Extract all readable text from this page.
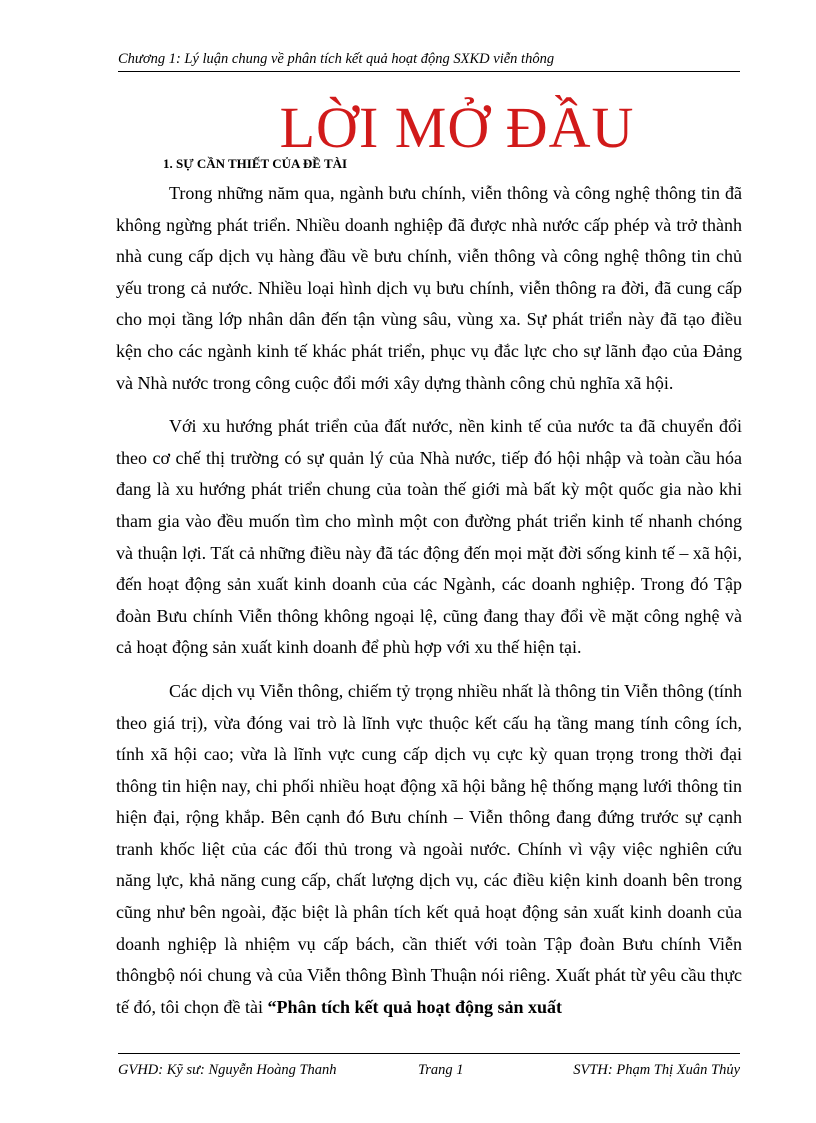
Chương 1: Lý luận chung về phân tích kết quả hoạt động SXKD viễn thông
LỜI MỞ ĐẦU
1. SỰ CẦN THIẾT CỦA ĐỀ TÀI

Trong những năm qua, ngành bưu chính, viễn thông và công nghệ thông tin đã không ngừng phát triển. Nhiều doanh nghiệp đã được nhà nước cấp phép và trở thành nhà cung cấp dịch vụ hàng đầu về bưu chính, viễn thông và công nghệ thông tin chủ yếu trong cả nước. Nhiều loại hình dịch vụ bưu chính, viễn thông ra đời, đã cung cấp cho mọi tầng lớp nhân dân đến tận vùng sâu, vùng xa. Sự phát triển này đã tạo điều kện cho các ngành kinh tế khác phát triển, phục vụ đắc lực cho sự lãnh đạo của Đảng và Nhà nước trong công cuộc đổi mới xây dựng thành công chủ nghĩa xã hội.

Với xu hướng phát triển của đất nước, nền kinh tế của nước ta đã chuyển đổi theo cơ chế thị trường có sự quản lý của Nhà nước, tiếp đó hội nhập và toàn cầu hóa đang là xu hướng phát triển chung của toàn thế giới mà bất kỳ một quốc gia nào khi tham gia vào đều muốn tìm cho mình một con đường phát triển kinh tế nhanh chóng và thuận lợi. Tất cả những điều này đã tác động đến mọi mặt đời sống kinh tế – xã hội, đến hoạt động sản xuất kinh doanh của các Ngành, các doanh nghiệp. Trong đó Tập đoàn Bưu chính Viễn thông không ngoại lệ, cũng đang thay đổi về mặt công nghệ và cả hoạt động sản xuất kinh doanh để phù hợp với xu thế hiện tại.

Các dịch vụ Viễn thông, chiếm tỷ trọng nhiều nhất là thông tin Viễn thông (tính theo giá trị), vừa đóng vai trò là lĩnh vực thuộc kết cấu hạ tầng mang tính công ích, tính xã hội cao; vừa là lĩnh vực cung cấp dịch vụ cực kỳ quan trọng trong thời đại thông tin hiện nay, chi phối nhiều hoạt động xã hội bằng hệ thống mạng lưới thông tin hiện đại, rộng khắp. Bên cạnh đó Bưu chính – Viễn thông đang đứng trước sự cạnh tranh khốc liệt của các đối thủ trong và ngoài nước. Chính vì vậy việc nghiên cứu năng lực, khả năng cung cấp, chất lượng dịch vụ, các điều kiện kinh doanh bên trong cũng như bên ngoài, đặc biệt là phân tích kết quả hoạt động sản xuất kinh doanh của doanh nghiệp là nhiệm vụ cấp bách, cần thiết với toàn Tập đoàn Bưu chính Viễn thôngbộ nói chung và của Viễn thông Bình Thuận nói riêng. Xuất phát từ yêu cầu thực tế đó, tôi chọn đề tài “Phân tích kết quả hoạt động sản xuất

GVHD: Kỹ sư: Nguyễn Hoàng Thanh	Trang 1	SVTH: Phạm Thị Xuân Thủy
